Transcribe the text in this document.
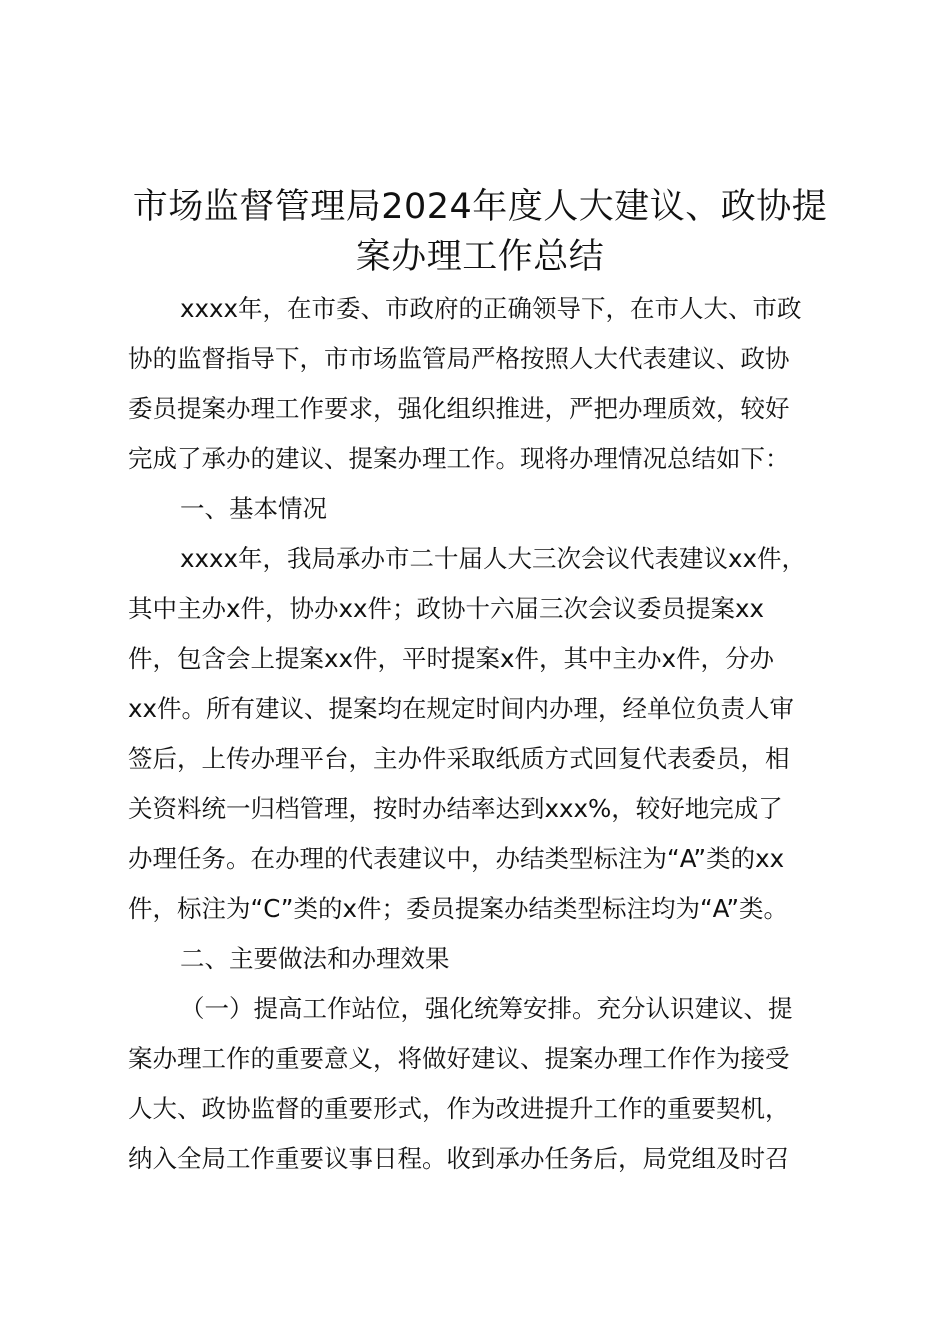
市场监督管理局2024年度人大建议、政协提
案办理工作总结
xxxx年，在市委、市政府的正确领导下，在市人大、市政
协的监督指导下，市市场监管局严格按照人大代表建议、政协
委员提案办理工作要求，强化组织推进，严把办理质效，较好
完成了承办的建议、提案办理工作。现将办理情况总结如下：
一、基本情况
xxxx年，我局承办市二十届人大三次会议代表建议xx件，
其中主办x件，协办xx件；政协十六届三次会议委员提案xx
件，包含会上提案xx件，平时提案x件，其中主办x件，分办
xx件。所有建议、提案均在规定时间内办理，经单位负责人审
签后，上传办理平台，主办件采取纸质方式回复代表委员，相
关资料统一归档管理，按时办结率达到xxx%，较好地完成了
办理任务。在办理的代表建议中，办结类型标注为“A”类的xx
件，标注为“C”类的x件；委员提案办结类型标注均为“A”类。
二、主要做法和办理效果
（一）提高工作站位，强化统筹安排。充分认识建议、提
案办理工作的重要意义，将做好建议、提案办理工作作为接受
人大、政协监督的重要形式，作为改进提升工作的重要契机，
纳入全局工作重要议事日程。收到承办任务后，局党组及时召
